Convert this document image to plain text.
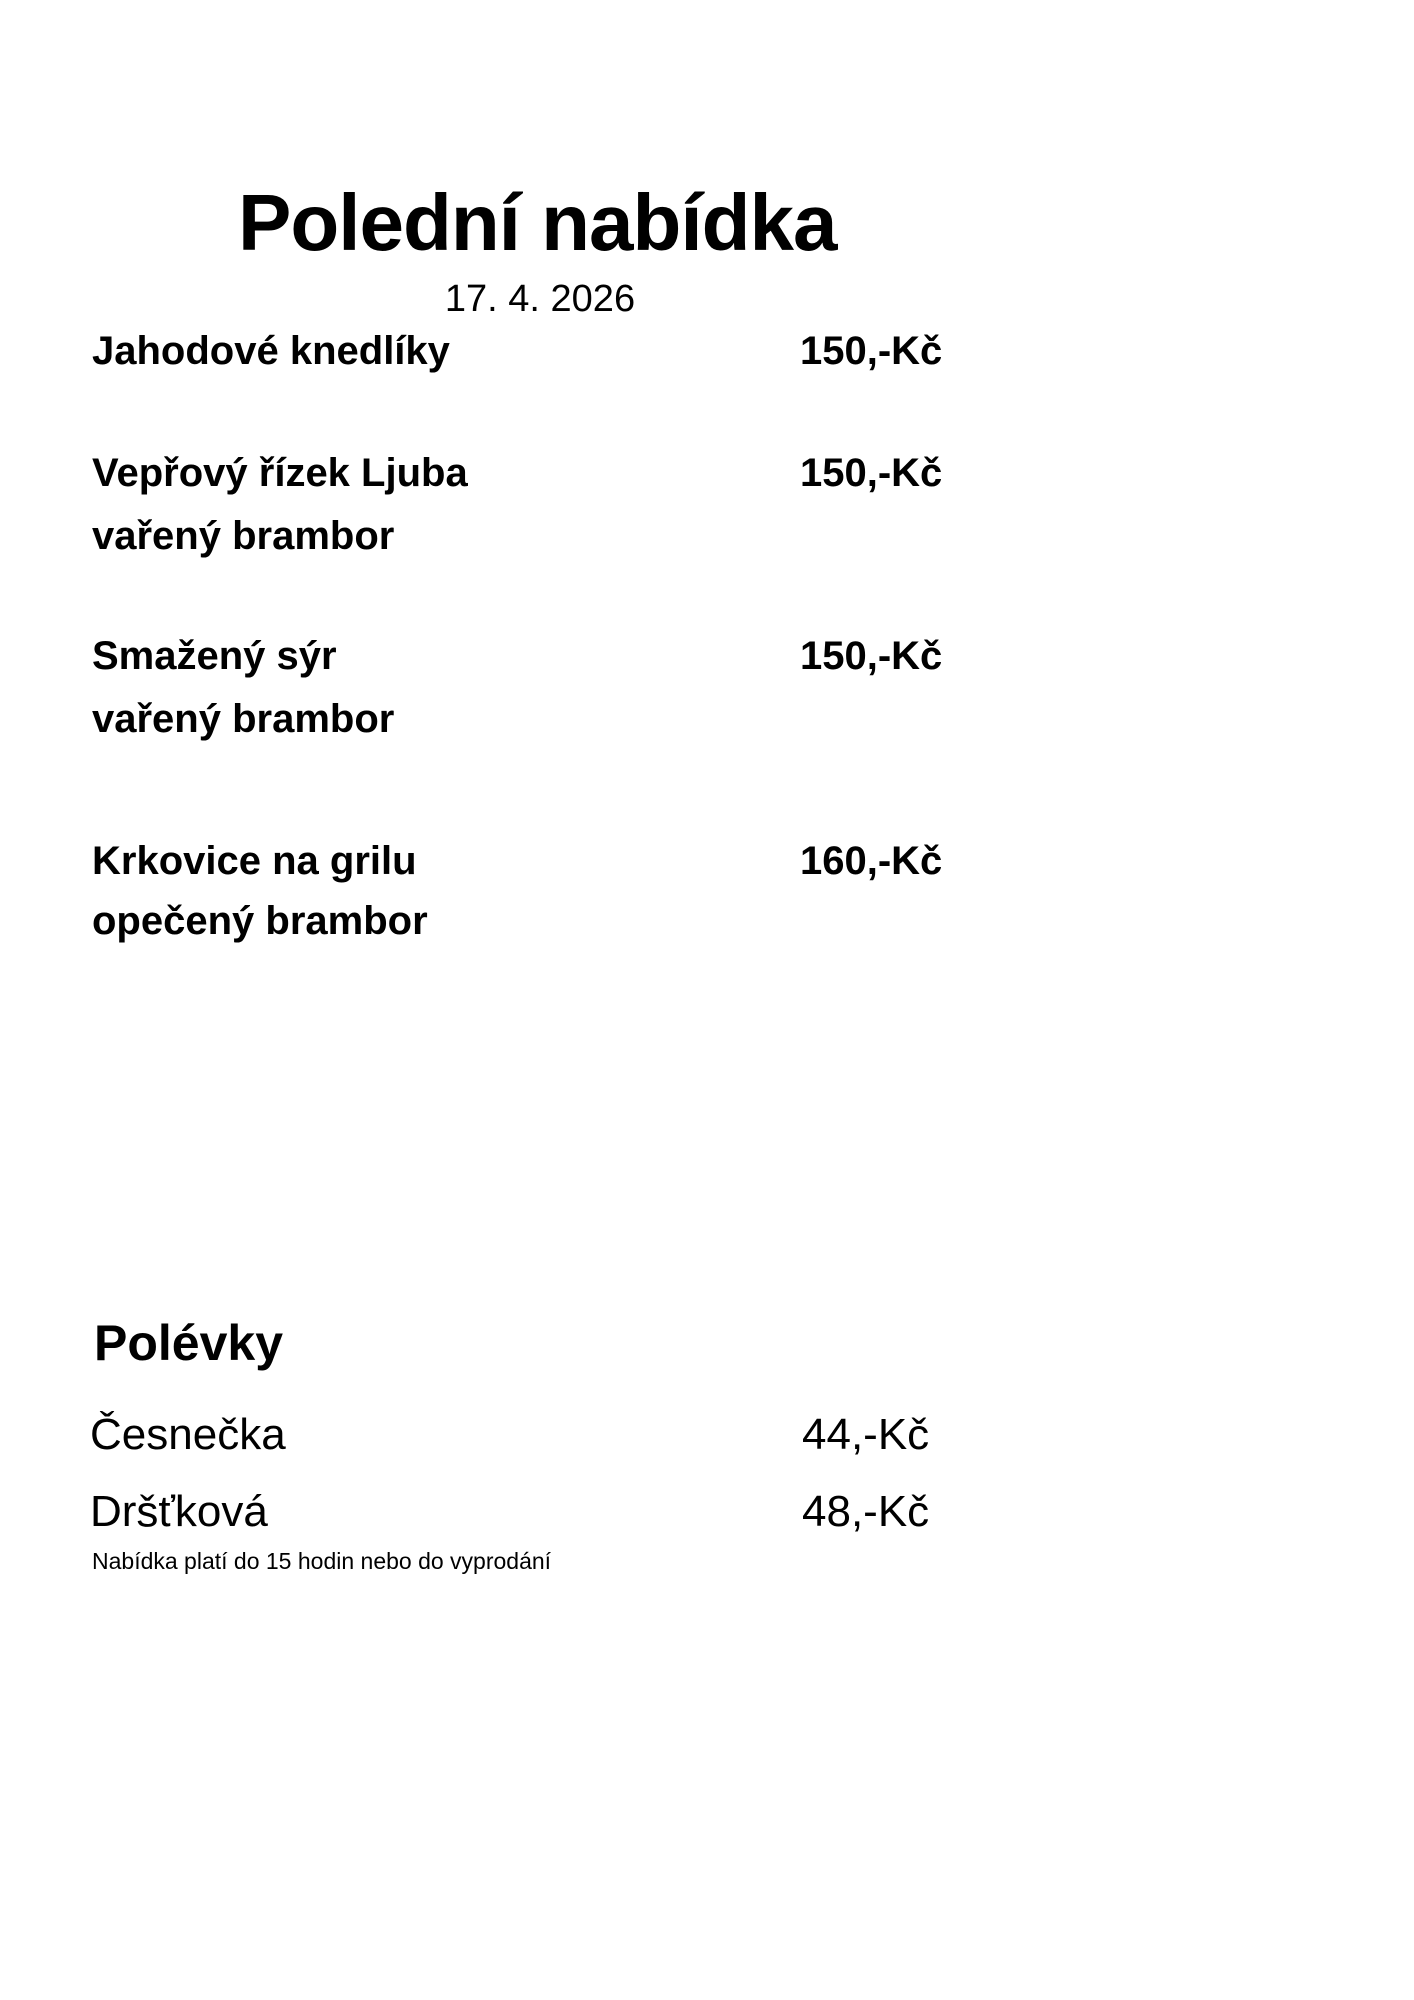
Polední nabídka
17. 4. 2026
Jahodové knedlíky	150,-Kč
Vepřový řízek Ljuba	150,-Kč
vařený brambor
Smažený sýr	150,-Kč
vařený brambor
Krkovice na grilu	160,-Kč
opečený brambor
Polévky
Česnečka	44,-Kč
Dršťková	48,-Kč
Nabídka platí do 15 hodin nebo do vyprodání
